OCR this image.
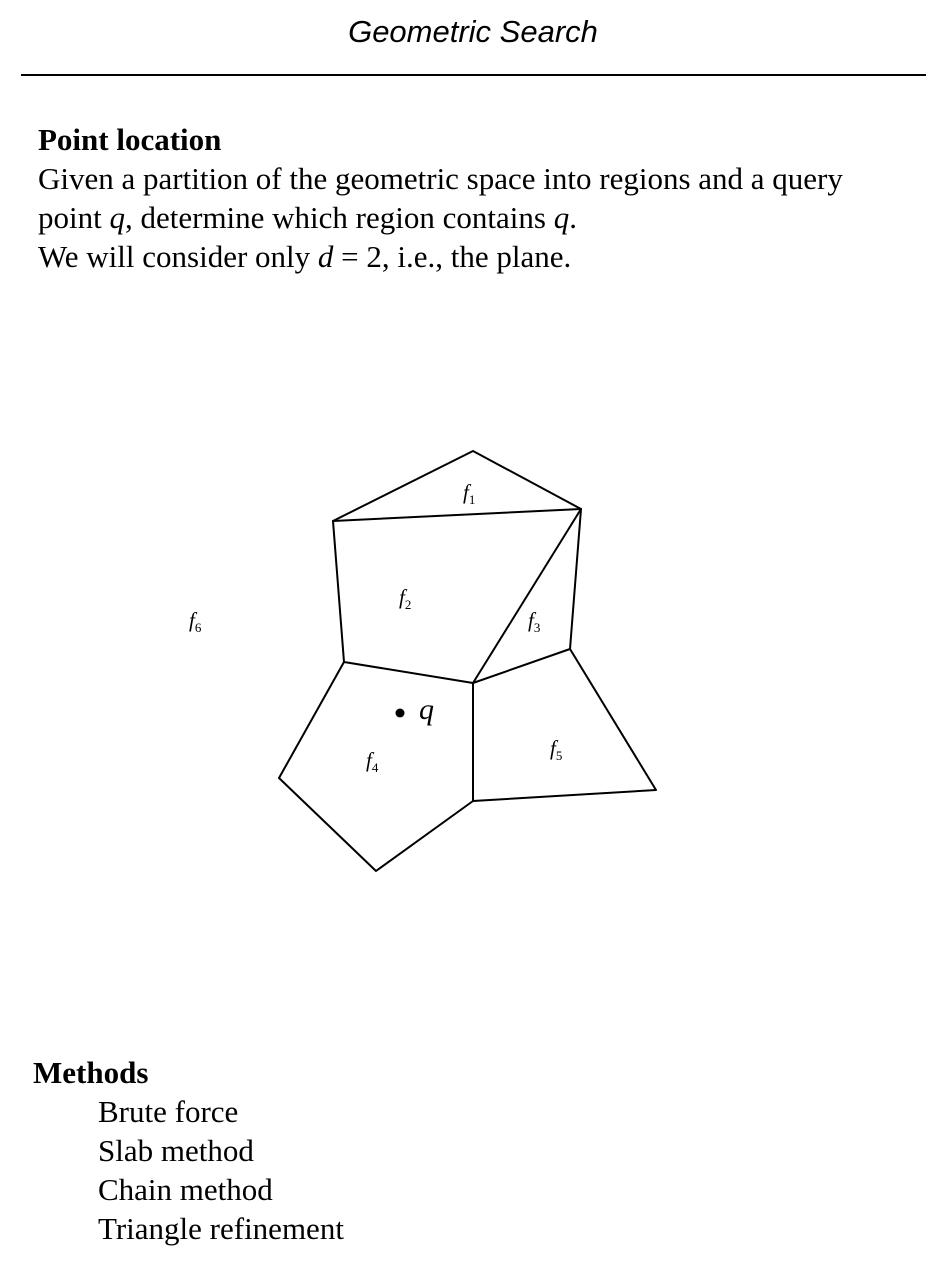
Geometric Search
Point location
Given a partition of the geometric space into regions and a query
point q, determine which region contains q.
We will consider only d = 2, i.e., the plane.
$f_1$
$f_2$
$f_3$
$f_4$
$f_5$
$f_6$
q
Methods
Brute force
Slab method
Chain method
Triangle refinement
